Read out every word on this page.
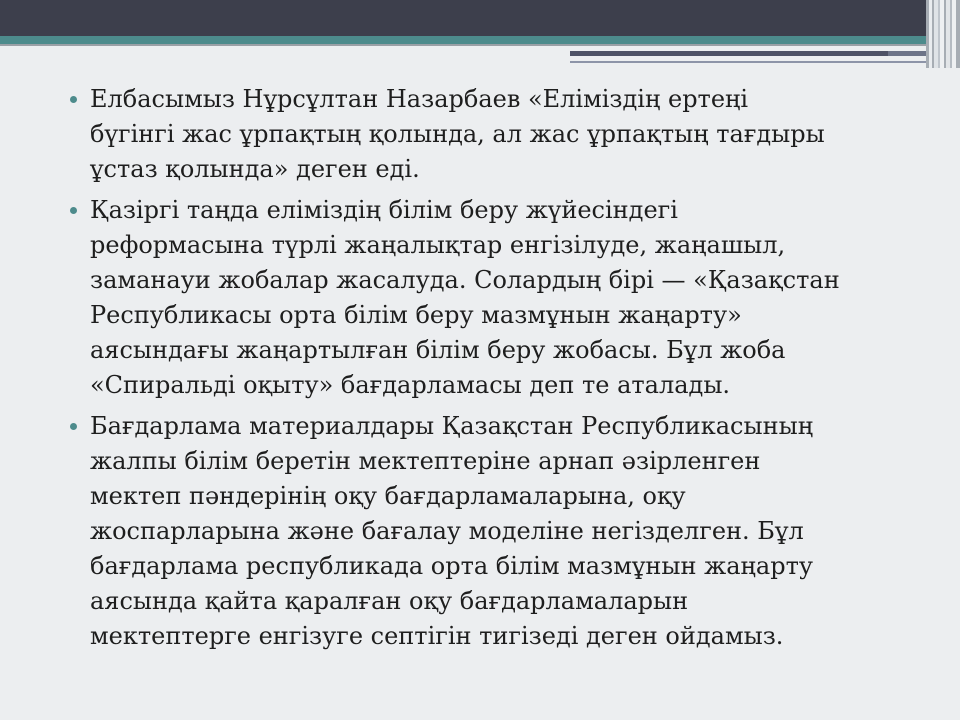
Елбасымыз Нұрсұлтан Назарбаев «Еліміздің ертеңі
бүгінгі жас ұрпақтың қолында, ал жас ұрпақтың тағдыры
ұстаз қолында» деген еді.
Қазіргі таңда еліміздің білім беру жүйесіндегі
реформасына түрлі жаңалықтар енгізілуде, жаңашыл,
заманауи жобалар жасалуда. Солардың бірі — «Қазақстан
Республикасы орта білім беру мазмұнын жаңарту»
аясындағы жаңартылған білім беру жобасы. Бұл жоба
«Спиральді оқыту» бағдарламасы деп те аталады.
Бағдарлама материалдары Қазақстан Республикасының
жалпы білім беретін мектептеріне арнап әзірленген
мектеп пәндерінің оқу бағдарламаларына, оқу
жоспарларына және бағалау моделіне негізделген. Бұл
бағдарлама республикада орта білім мазмұнын жаңарту
аясында қайта қаралған оқу бағдарламаларын
мектептерге енгізуге септігін тигізеді деген ойдамыз.
